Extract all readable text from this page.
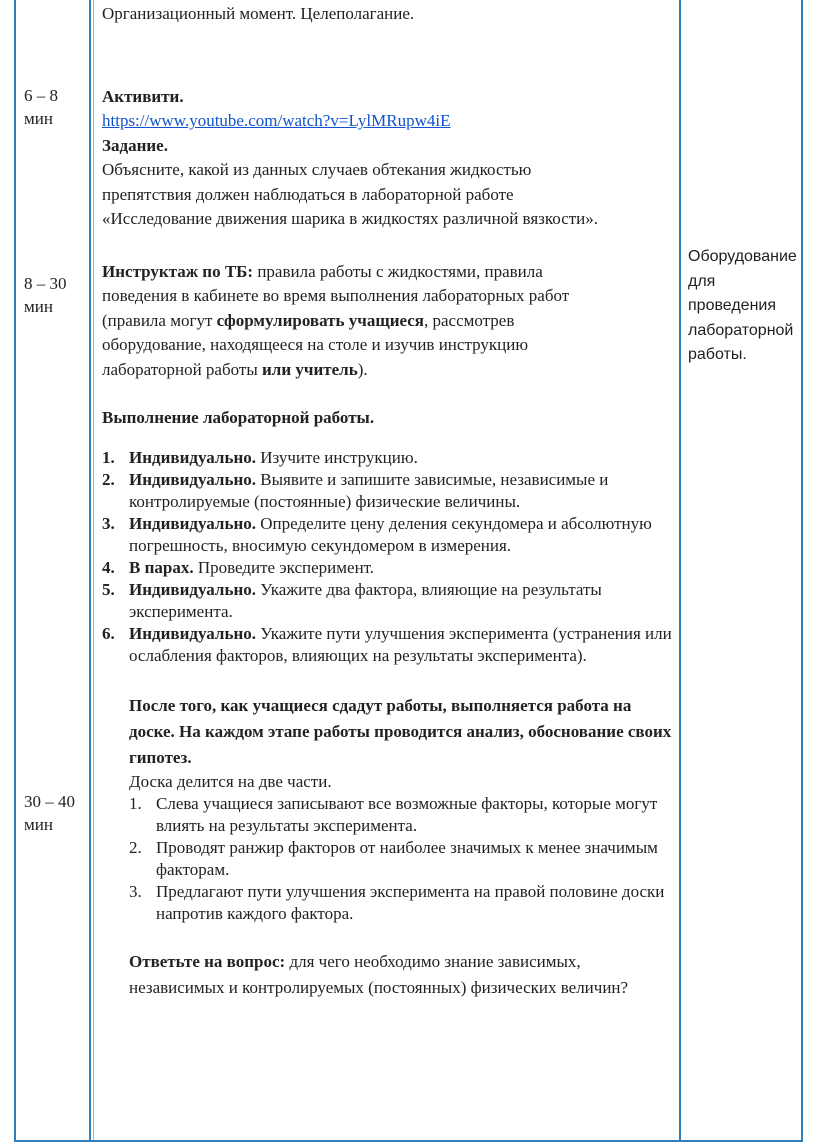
6 – 8
мин
8 – 30
мин
30 – 40
мин

Организационный момент. Целеполагание.

Активити.

https://www.youtube.com/watch?v=LylMRupw4iE

Задание.

Объясните, какой из данных случаев обтекания жидкостью

препятствия должен наблюдаться в лабораторной работе

«Исследование движения шарика в жидкостях различной вязкости».

Инструктаж по ТБ: правила работы с жидкостями, правила

поведения в кабинете во время выполнения лабораторных работ

(правила могут сформулировать учащиеся, рассмотрев

оборудование, находящееся на столе и изучив инструкцию

лабораторной работы или учитель).

Выполнение лабораторной работы.

1. Индивидуально. Изучите инструкцию.
2. Индивидуально. Выявите и запишите зависимые, независимые и контролируемые (постоянные) физические величины.
3. Индивидуально. Определите цену деления секундомера и абсолютную погрешность, вносимую секундомером в измерения.
4. В парах. Проведите эксперимент.
5. Индивидуально. Укажите два фактора, влияющие на результаты эксперимента.
6. Индивидуально. Укажите пути улучшения эксперимента (устранения или ослабления факторов, влияющих на результаты эксперимента).

После того, как учащиеся сдадут работы, выполняется работа на доске. На каждом этапе работы проводится анализ, обоснование своих гипотез.

Доска делится на две части.

1. Слева учащиеся записывают все возможные факторы, которые могут влиять на результаты эксперимента.
2. Проводят ранжир факторов от наиболее значимых к менее значимым факторам.
3. Предлагают пути улучшения эксперимента на правой половине доски напротив каждого фактора.

Ответьте на вопрос: для чего необходимо знание зависимых, независимых и контролируемых (постоянных) физических величин?

Оборудование для проведения лабораторной работы.
